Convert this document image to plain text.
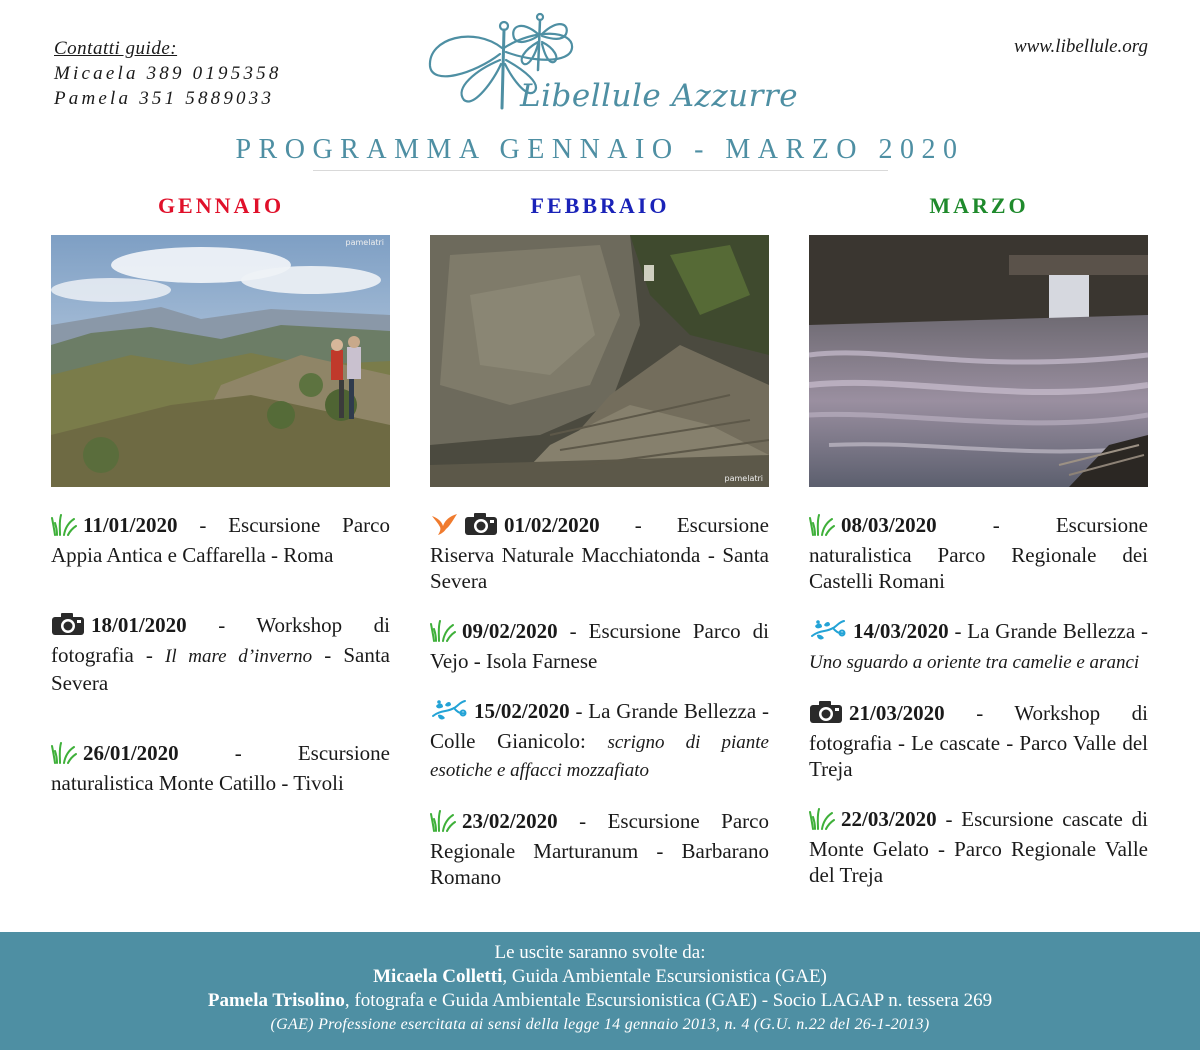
Contatti guide:
Micaela 389 0195358
Pamela 351 5889033
www.libellule.org
Libellule Azzurre
PROGRAMMA GENNAIO - MARZO 2020
GENNAIO
pamelatri
11/01/2020 - Escursione Parco Appia Antica e Caffarella - Roma
18/01/2020 - Workshop di fotografia - Il mare d’inverno - Santa Severa
26/01/2020 - Escursione naturalistica Monte Catillo - Tivoli
FEBBRAIO
pamelatri
01/02/2020 - Escursione Riserva Naturale Macchiatonda - Santa Severa
09/02/2020 - Escursione Parco di Vejo - Isola Farnese
15/02/2020 - La Grande Bellezza - Colle Gianicolo: scrigno di piante esotiche e affacci mozzafiato
23/02/2020 - Escursione Parco Regionale Marturanum - Barbarano Romano
MARZO
08/03/2020 - Escursione naturalistica Parco Regionale dei Castelli Romani
14/03/2020 - La Grande Bellezza - Uno sguardo a oriente tra camelie e aranci
21/03/2020 - Workshop di fotografia - Le cascate - Parco Valle del Treja
22/03/2020 - Escursione cascate di Monte Gelato - Parco Regionale Valle del Treja
Le uscite saranno svolte da:
Micaela Colletti, Guida Ambientale Escursionistica (GAE)
Pamela Trisolino, fotografa e Guida Ambientale Escursionistica (GAE) - Socio LAGAP n. tessera 269
(GAE) Professione esercitata ai sensi della legge 14 gennaio 2013, n. 4 (G.U. n.22 del 26-1-2013)
